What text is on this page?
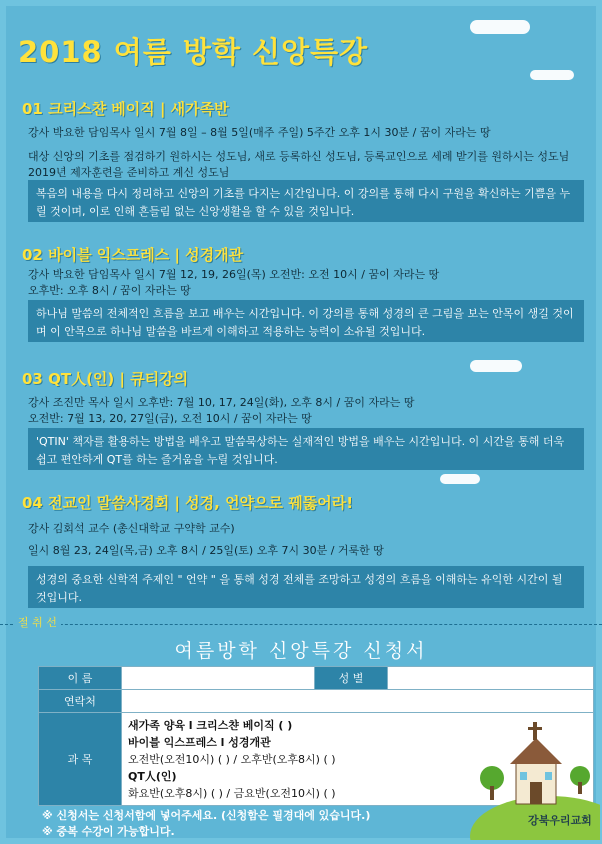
2018 여름 방학 신앙특강
01 크리스챤 베이직 | 새가족반
강사 박요한 담임목사 일시 7월 8일 – 8월 5일(매주 주일) 5주간 오후 1시 30분 / 꿈이 자라는 땅
대상 신앙의 기초를 점검하기 원하시는 성도님, 새로 등록하신 성도님, 등록교인으로 세례 받기를 원하시는 성도님
2019년 제자훈련을 준비하고 계신 성도님
복음의 내용을 다시 정리하고 신앙의 기초를 다지는 시간입니다. 이 강의를 통해 다시 구원을 확신하는 기쁨을 누릴 것이며, 이로 인해 흔들림 없는 신앙생활을 할 수 있을 것입니다.
02 바이블 익스프레스 | 성경개관
강사 박요한 담임목사 일시 7월 12, 19, 26일(목) 오전반: 오전 10시 / 꿈이 자라는 땅
오후반: 오후 8시 / 꿈이 자라는 땅
하나님 말씀의 전체적인 흐름을 보고 배우는 시간입니다. 이 강의를 통해 성경의 큰 그림을 보는 안목이 생길 것이며 이 안목으로 하나님 말씀을 바르게 이해하고 적용하는 능력이 소유될 것입니다.
03 QT人(인) | 큐티강의
강사 조진만 목사 일시 오후반: 7월 10, 17, 24일(화), 오후 8시 / 꿈이 자라는 땅
오전반: 7월 13, 20, 27일(금), 오전 10시 / 꿈이 자라는 땅
'QTIN' 책자를 활용하는 방법을 배우고 말씀묵상하는 실재적인 방법을 배우는 시간입니다. 이 시간을 통해 더욱 쉽고 편안하게 QT를 하는 즐거움을 누릴 것입니다.
04 전교인 말씀사경회 | 성경, 언약으로 꿰뚫어라!
강사 김회석 교수 (총신대학교 구약학 교수)
일시 8월 23, 24일(목,금) 오후 8시 / 25일(토) 오후 7시 30분 / 거룩한 땅
성경의 중요한 신학적 주제인 " 언약 " 을 통해 성경 전체를 조망하고 성경의 흐름을 이해하는 유익한 시간이 될 것입니다.
절 취 선
여름방학 신앙특강 신청서
이 름		성 별	
연락처			
과 목	새가족 양육 l 크리스챤 베이직 ( )
바이블 익스프레스 l 성경개관
오전반(오전10시) ( ) / 오후반(오후8시) ( )
QT人(인)
화요반(오후8시) ( ) / 금요반(오전10시) ( )		
※ 신청서는 신청서함에 넣어주세요. (신청함은 필경대에 있습니다.)
※ 중복 수강이 가능합니다.
강북우리교회
